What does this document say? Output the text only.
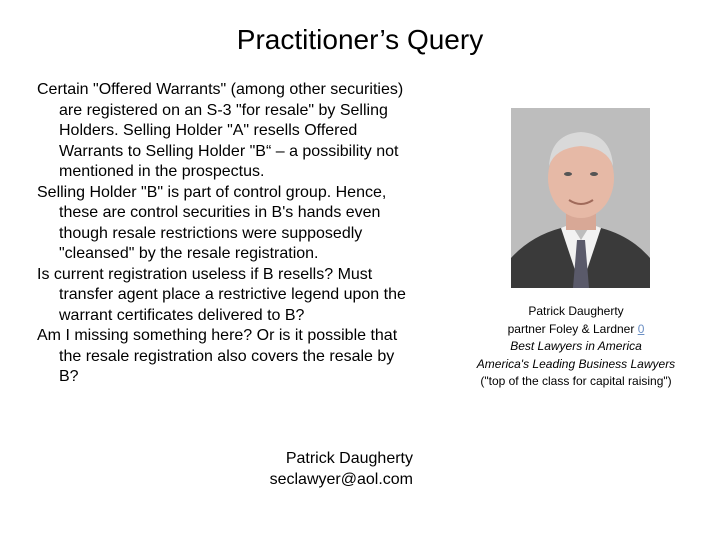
Practitioner’s Query
Certain "Offered Warrants" (among other securities) are registered on an S-3 "for resale" by Selling Holders. Selling Holder "A" resells Offered Warrants to Selling Holder "B“ – a possibility not mentioned in the prospectus.
Selling Holder "B" is part of control group. Hence, these are control securities in B's hands even though resale restrictions were supposedly "cleansed" by the resale registration.
Is current registration useless if B resells? Must transfer agent place a restrictive legend upon the warrant certificates delivered to B?
Am I missing something here? Or is it possible that the resale registration also covers the resale by B?
Patrick Daugherty
seclawyer@aol.com
Patrick Daugherty
partner Foley & Lardner 0
Best Lawyers in America
America's Leading Business Lawyers
("top of the class for capital raising")
